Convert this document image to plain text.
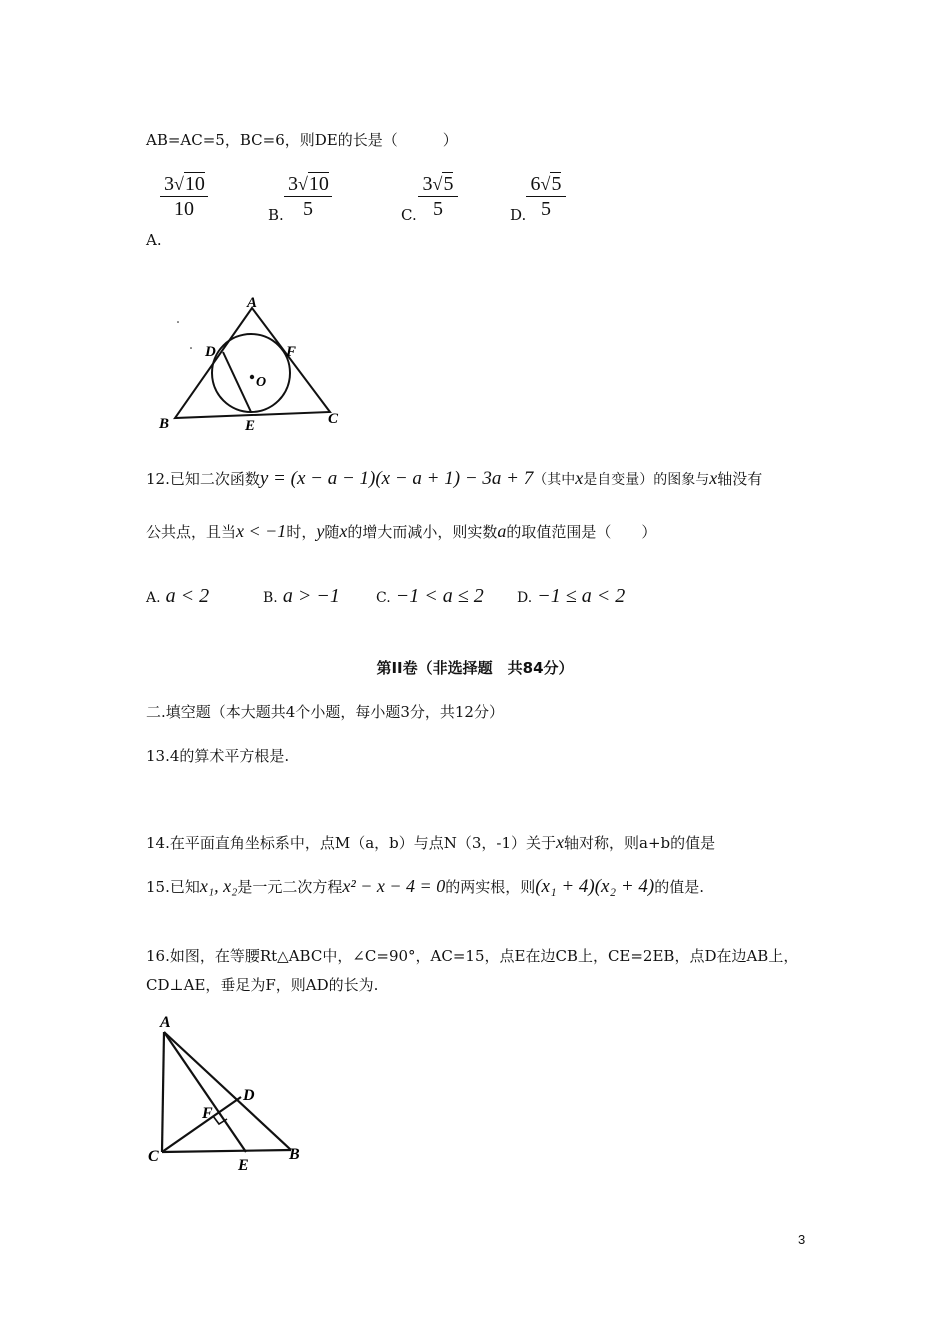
AB=AC=5，BC=6，则DE的长是（　　　）
$\frac{3√10}{10}$
A.
B. $\frac{3√10}{5}$	C. $\frac{3√5}{5}$	D. $\frac{6√5}{5}$
A
D	F
O
B	E	C
12.已知二次函数y = (x − a − 1)(x − a + 1) − 3a + 7（其中x是自变量）的图象与x轴没有
公共点，且当x < −1时，y随x的增大而减小，则实数a的取值范围是（　　）
A. a < 2	B. a > −1	C. −1 < a ≤ 2 D. −1 ≤ a < 2
第II卷（非选择题　共84分）
二.填空题（本大题共4个小题，每小题3分，共12分）
13.4的算术平方根是.
14.在平面直角坐标系中，点M（a，b）与点N（3，-1）关于x轴对称，则a+b的值是
15.已知x₁, x₂是一元二次方程x² − x − 4 = 0的两实根，则(x₁ + 4)(x₂ + 4)的值是.
16.如图，在等腰Rt△ABC中，∠C=90°，AC=15，点E在边CB上，CE=2EB，点D在边AB上，
CD⊥AE，垂足为F，则AD的长为.
A
D
F
C
E
B
3
